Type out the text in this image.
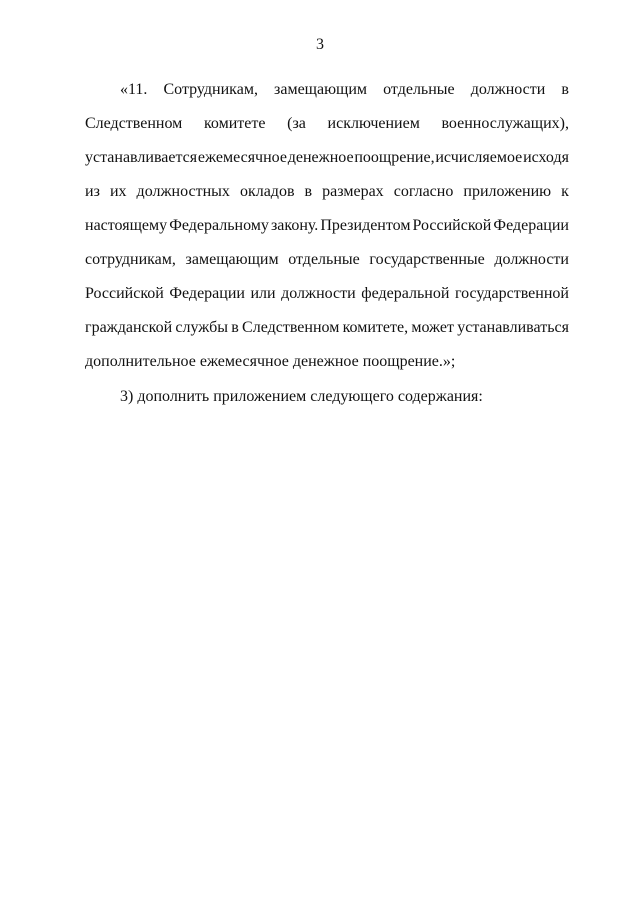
3
«11. Сотрудникам, замещающим отдельные должности в
Следственном комитете (за исключением военнослужащих),
устанавливается ежемесячное денежное поощрение, исчисляемое исходя
из их должностных окладов в размерах согласно приложению к
настоящему Федеральному закону. Президентом Российской Федерации
сотрудникам, замещающим отдельные государственные должности
Российской Федерации или должности федеральной государственной
гражданской службы в Следственном комитете, может устанавливаться
дополнительное ежемесячное денежное поощрение.»;
3) дополнить приложением следующего содержания:
